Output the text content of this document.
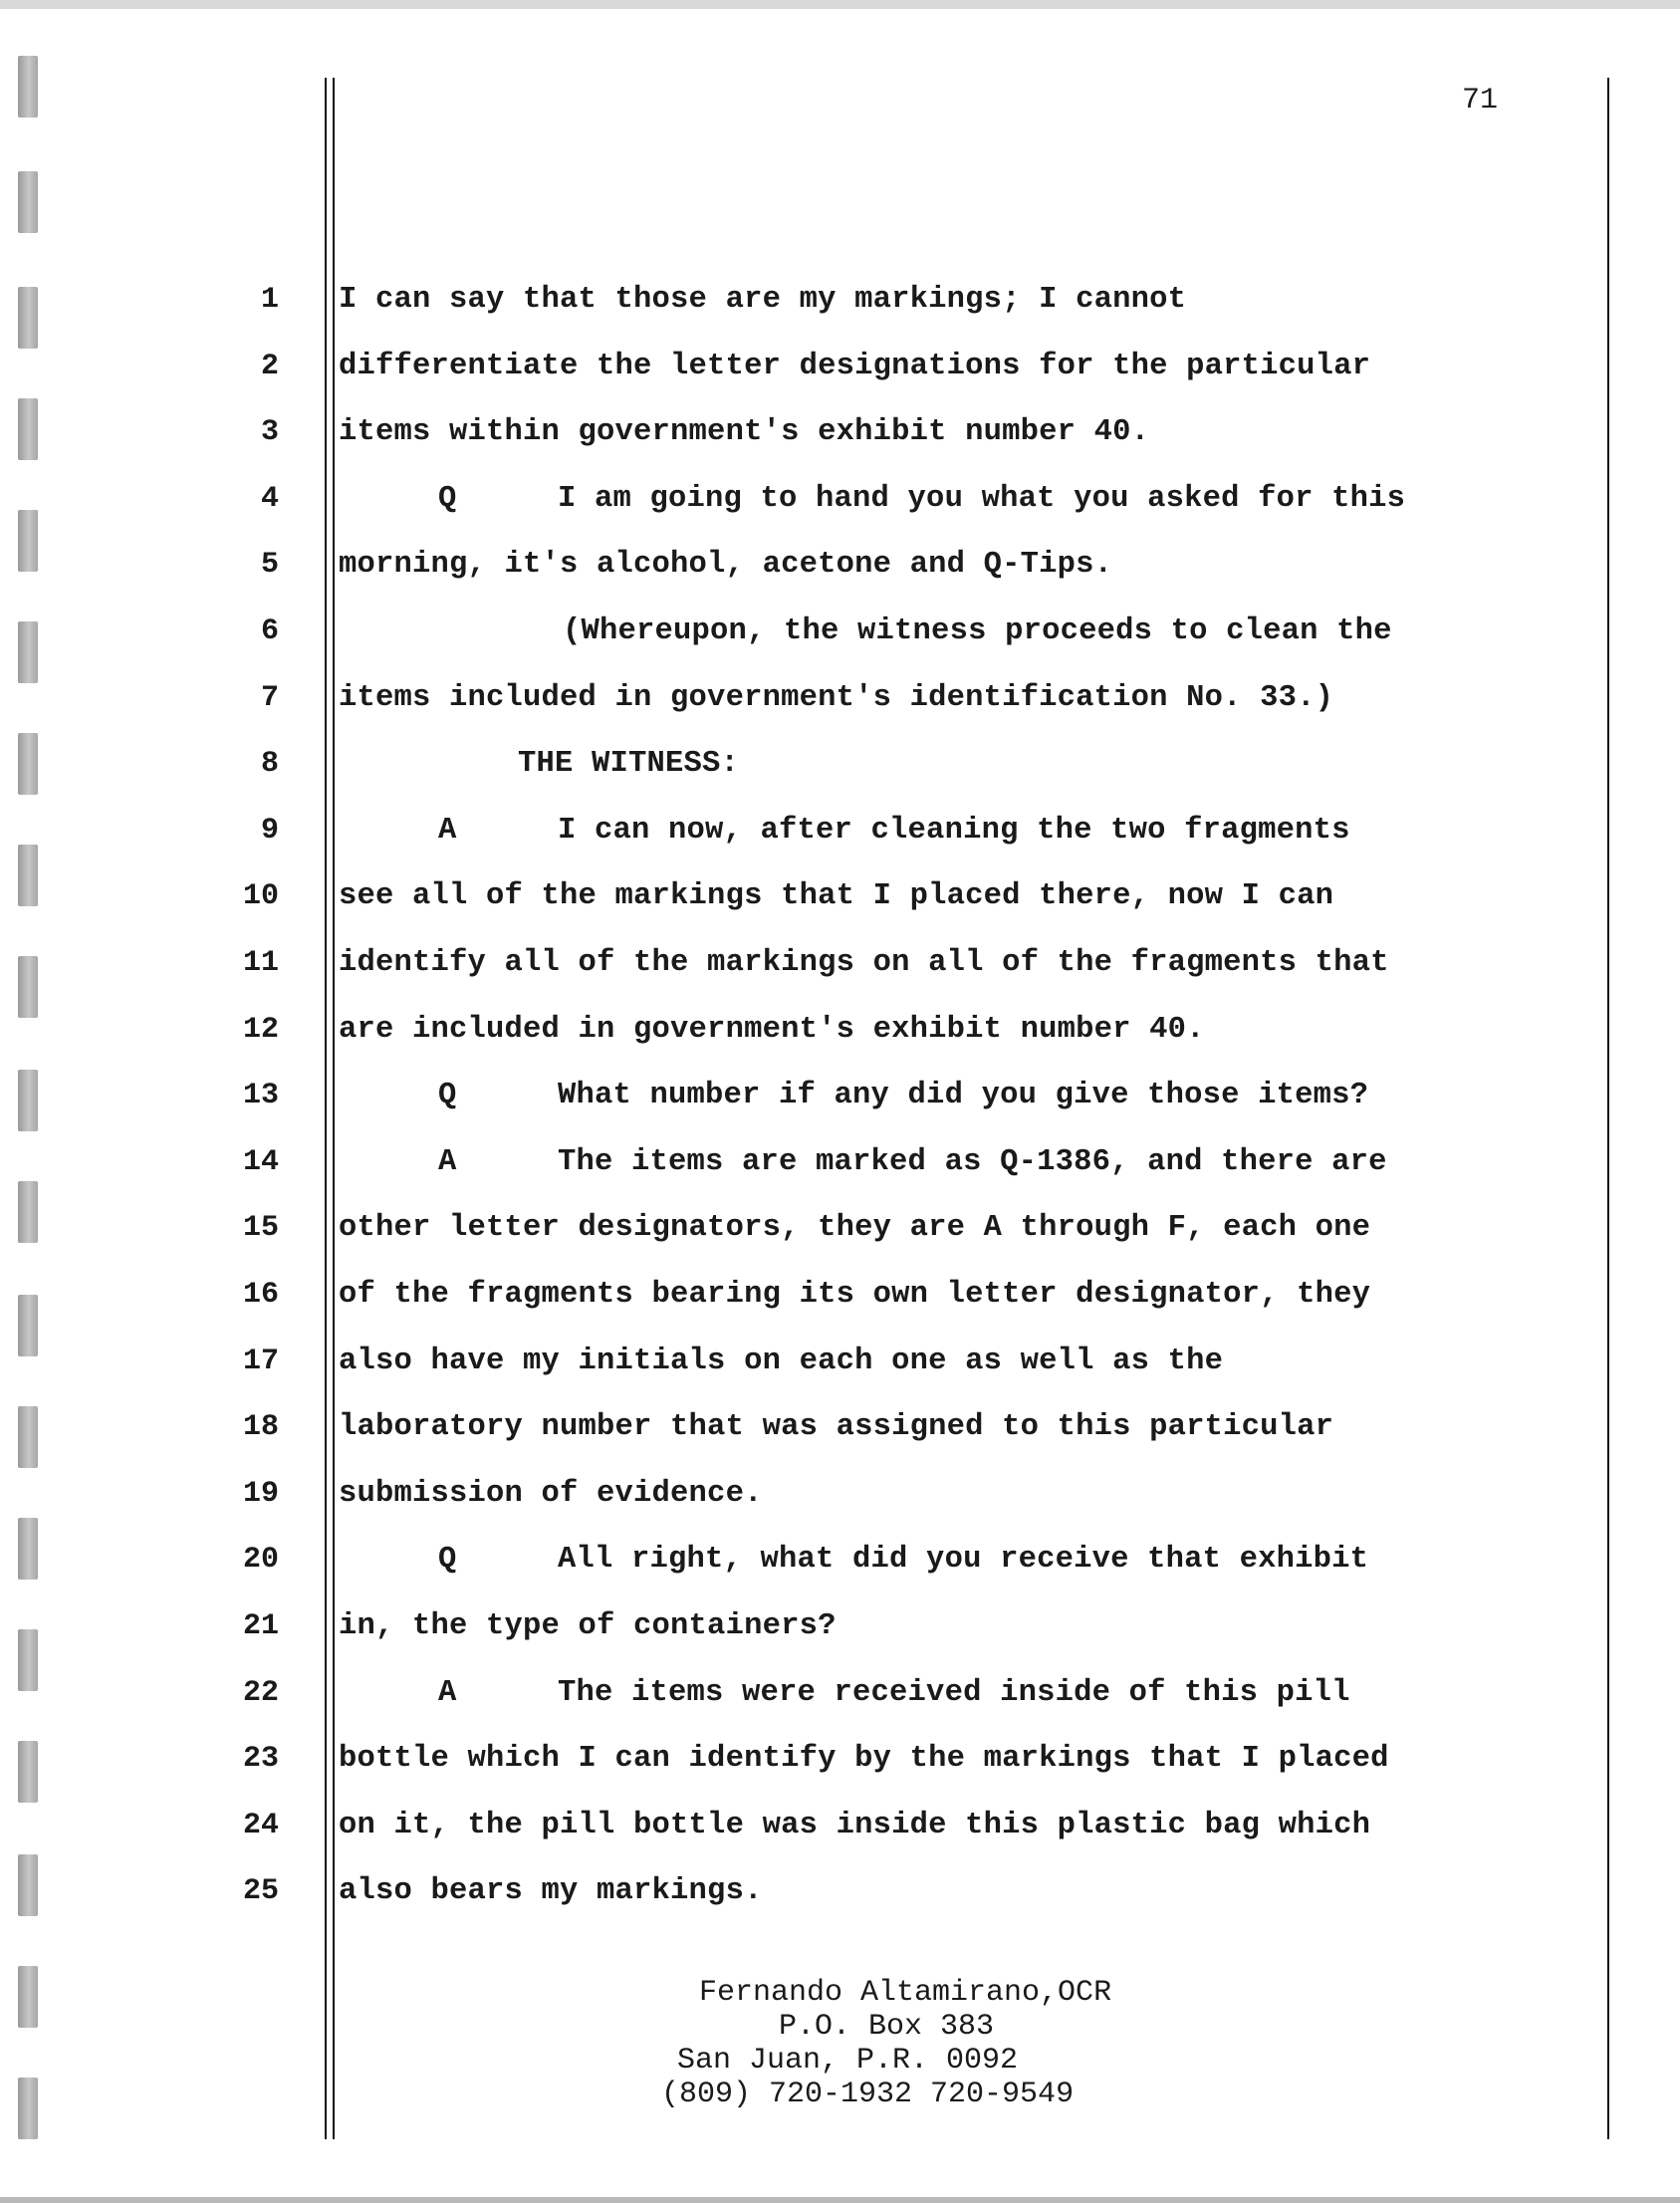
71
1 I can say that those are my markings; I cannot
2 differentiate the letter designations for the particular
3 items within government's exhibit number 40.
4	Q	I am going to hand you what you asked for this
5 morning, it's alcohol, acetone and Q-Tips.
6	(Whereupon, the witness proceeds to clean the
7 items included in government's identification No. 33.)
8	THE WITNESS:
9	A	I can now, after cleaning the two fragments
10 see all of the markings that I placed there, now I can
11 identify all of the markings on all of the fragments that
12 are included in government's exhibit number 40.
13	Q	What number if any did you give those items?
14	A	The items are marked as Q-1386, and there are
15 other letter designators, they are A through F, each one
16 of the fragments bearing its own letter designator, they
17 also have my initials on each one as well as the
18 laboratory number that was assigned to this particular
19 submission of evidence.
20	Q	All right, what did you receive that exhibit
21 in, the type of containers?
22	A	The items were received inside of this pill
23 bottle which I can identify by the markings that I placed
24 on it, the pill bottle was inside this plastic bag which
25 also bears my markings.
Fernando Altamirano,OCR
P.O. Box 383
San Juan, P.R. 0092
(809) 720-1932 720-9549
